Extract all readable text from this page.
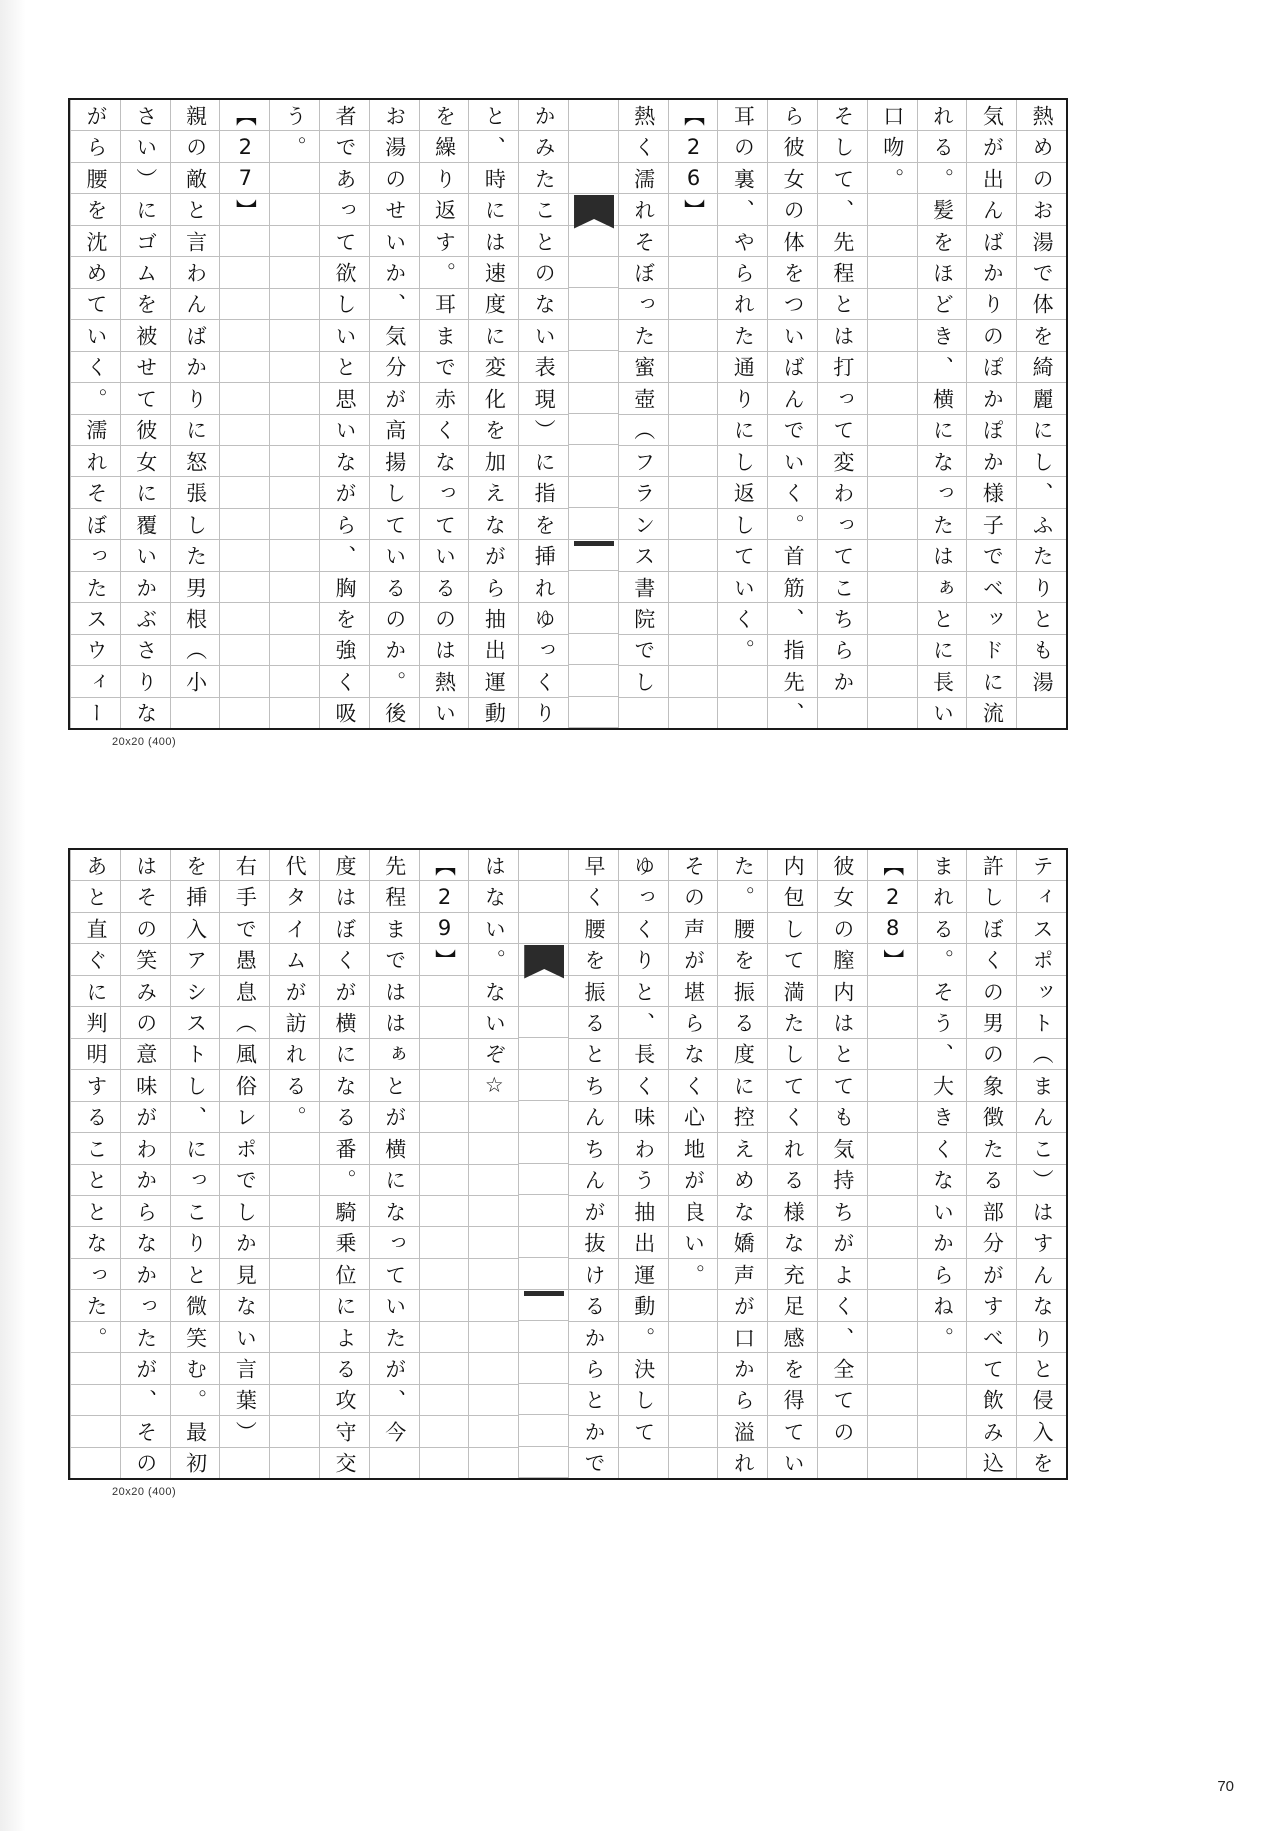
熱
め
の
お
湯
で
体
を
綺
麗
に
し
、
ふ
た
り
と
も
湯
気
が
出
ん
ば
か
り
の
ぽ
か
ぽ
か
様
子
で
ベ
ッ
ド
に
流
れ
る
。
髪
を
ほ
ど
き
、
横
に
な
っ
た
は
ぁ
と
に
長
い
口
吻
。
そ
し
て
、
先
程
と
は
打
っ
て
変
わ
っ
て
こ
ち
ら
か
ら
彼
女
の
体
を
つ
い
ば
ん
で
い
く
。
首
筋
、
指
先
、
耳
の
裏
、
や
ら
れ
た
通
り
に
し
返
し
て
い
く
。
【
2
6
】
熱
く
濡
れ
そ
ぼ
っ
た
蜜
壺
（
フ
ラ
ン
ス
書
院
で
し
か
み
た
こ
と
の
な
い
表
現
）
に
指
を
挿
れ
ゆ
っ
く
り
と
、
時
に
は
速
度
に
変
化
を
加
え
な
が
ら
抽
出
運
動
を
繰
り
返
す
。
耳
ま
で
赤
く
な
っ
て
い
る
の
は
熱
い
お
湯
の
せ
い
か
、
気
分
が
高
揚
し
て
い
る
の
か
。
後
者
で
あ
っ
て
欲
し
い
と
思
い
な
が
ら
、
胸
を
強
く
吸
う
。
【
2
7
】
親
の
敵
と
言
わ
ん
ば
か
り
に
怒
張
し
た
男
根
（
小
さ
い
）
に
ゴ
ム
を
被
せ
て
彼
女
に
覆
い
か
ぶ
さ
り
な
が
ら
腰
を
沈
め
て
い
く
。
濡
れ
そ
ぼ
っ
た
ス
ウ
ィ
ー
20x20 (400)
テ
ィ
ス
ポ
ッ
ト
（
ま
ん
こ
）
は
す
ん
な
り
と
侵
入
を
許
し
ぼ
く
の
男
の
象
徴
た
る
部
分
が
す
べ
て
飲
み
込
ま
れ
る
。
そ
う
、
大
き
く
な
い
か
ら
ね
。
【
2
8
】
彼
女
の
膣
内
は
と
て
も
気
持
ち
が
よ
く
、
全
て
の
内
包
し
て
満
た
し
て
く
れ
る
様
な
充
足
感
を
得
て
い
た
。
腰
を
振
る
度
に
控
え
め
な
嬌
声
が
口
か
ら
溢
れ
そ
の
声
が
堪
ら
な
く
心
地
が
良
い
。
ゆ
っ
く
り
と
、
長
く
味
わ
う
抽
出
運
動
。
決
し
て
早
く
腰
を
振
る
と
ち
ん
ち
ん
が
抜
け
る
か
ら
と
か
で
は
な
い
。
な
い
ぞ
☆
【
2
9
】
先
程
ま
で
は
は
ぁ
と
が
横
に
な
っ
て
い
た
が
、
今
度
は
ぼ
く
が
横
に
な
る
番
。
騎
乗
位
に
よ
る
攻
守
交
代
タ
イ
ム
が
訪
れ
る
。
右
手
で
愚
息
（
風
俗
レ
ポ
で
し
か
見
な
い
言
葉
）
を
挿
入
ア
シ
ス
ト
し
、
に
っ
こ
り
と
微
笑
む
。
最
初
は
そ
の
笑
み
の
意
味
が
わ
か
ら
な
か
っ
た
が
、
そ
の
あ
と
直
ぐ
に
判
明
す
る
こ
と
と
な
っ
た
。
20x20 (400)
70
